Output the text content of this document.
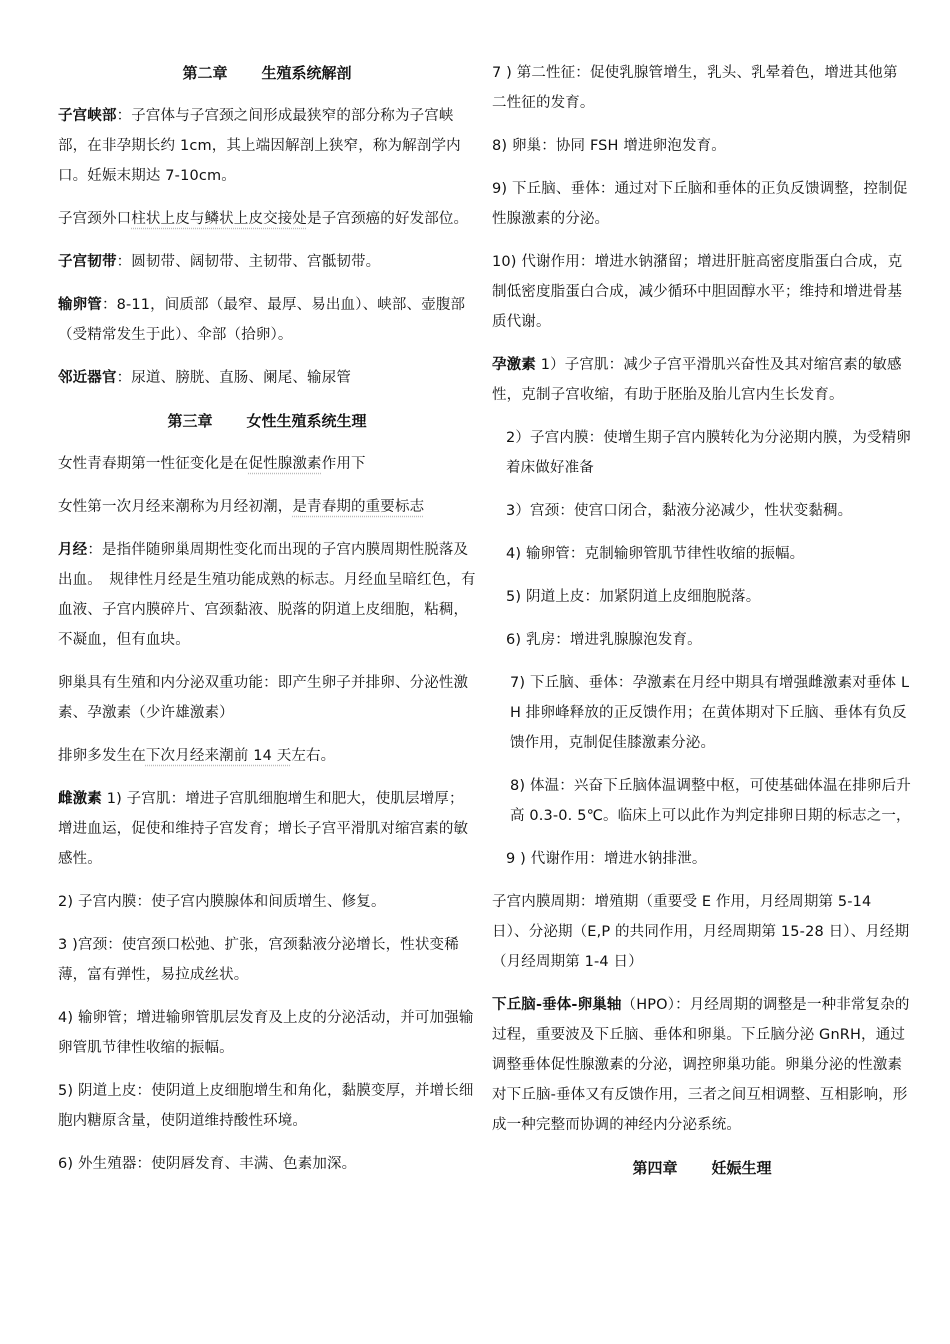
第二章 生殖系统解剖

子宫峡部：子宫体与子宫颈之间形成最狭窄的部分称为子宫峡部，在非孕期长约 1cm，其上端因解剖上狭窄，称为解剖学内口。妊娠末期达 7-10cm。

子宫颈外口柱状上皮与鳞状上皮交接处是子宫颈癌的好发部位。

子宫韧带：圆韧带、阔韧带、主韧带、宫骶韧带。

输卵管：8-11，间质部（最窄、最厚、易出血）、峡部、壶腹部（受精常发生于此）、伞部（拾卵）。

邻近器官：尿道、膀胱、直肠、阑尾、输尿管

第三章 女性生殖系统生理

女性青春期第一性征变化是在促性腺激素作用下

女性第一次月经来潮称为月经初潮，是青春期的重要标志

月经：是指伴随卵巢周期性变化而出现的子宫内膜周期性脱落及出血。　规律性月经是生殖功能成熟的标志。月经血呈暗红色，有血液、子宫内膜碎片、宫颈黏液、脱落的阴道上皮细胞，粘稠，不凝血，但有血块。

卵巢具有生殖和内分泌双重功能：即产生卵子并排卵、分泌性激素、孕激素（少许雄激素）

排卵多发生在下次月经来潮前 14 天左右。

雌激素 1) 子宫肌：增进子宫肌细胞增生和肥大，使肌层增厚；增进血运，促使和维持子宫发育；增长子宫平滑肌对缩宫素的敏感性。

2) 子宫内膜：使子宫内膜腺体和间质增生、修复。

3 )宫颈：使宫颈口松弛、扩张，宫颈黏液分泌增长，性状变稀薄，富有弹性，易拉成丝状。

4) 输卵管；增进输卵管肌层发育及上皮的分泌活动，并可加强输卵管肌节律性收缩的振幅。

5) 阴道上皮：使阴道上皮细胞增生和角化，黏膜变厚，并增长细胞内糖原含量，使阴道维持酸性环境。

6) 外生殖器：使阴唇发育、丰满、色素加深。

7 ) 第二性征：促使乳腺管增生，乳头、乳晕着色，增进其他第二性征的发育。

8) 卵巢：协同 FSH 增进卵泡发育。

9) 下丘脑、垂体：通过对下丘脑和垂体的正负反馈调整，控制促性腺激素的分泌。

10) 代谢作用：增进水钠潴留；增进肝脏高密度脂蛋白合成，克制低密度脂蛋白合成，减少循环中胆固醇水平；维持和增进骨基质代谢。

孕激素 1）子宫肌：减少子宫平滑肌兴奋性及其对缩宫素的敏感性，克制子宫收缩，有助于胚胎及胎儿宫内生长发育。

2）子宫内膜：使增生期子宫内膜转化为分泌期内膜，为受精卵着床做好准备

3）宫颈：使宫口闭合，黏液分泌减少，性状变黏稠。

4) 输卵管：克制输卵管肌节律性收缩的振幅。

5) 阴道上皮：加紧阴道上皮细胞脱落。

6) 乳房：增进乳腺腺泡发育。

7) 下丘脑、垂体：孕激素在月经中期具有增强雌激素对垂体 LH 排卵峰释放的正反馈作用；在黄体期对下丘脑、垂体有负反馈作用，克制促佳膝激素分泌。

8) 体温：兴奋下丘脑体温调整中枢，可使基础体温在排卵后升高 0.3-0. 5℃。临床上可以此作为判定排卵日期的标志之一，

9 ) 代谢作用：增进水钠排泄。

子宫内膜周期：增殖期（重要受 E 作用，月经周期第 5-14 日）、分泌期（E,P 的共同作用，月经周期第 15-28 日）、月经期（月经周期第 1-4 日）

下丘脑-垂体-卵巢轴（HPO）：月经周期的调整是一种非常复杂的过程，重要波及下丘脑、垂体和卵巢。下丘脑分泌 GnRH，通过调整垂体促性腺激素的分泌，调控卵巢功能。卵巢分泌的性激素对下丘脑-垂体又有反馈作用，三者之间互相调整、互相影响，形成一种完整而协调的神经内分泌系统。

第四章 妊娠生理
